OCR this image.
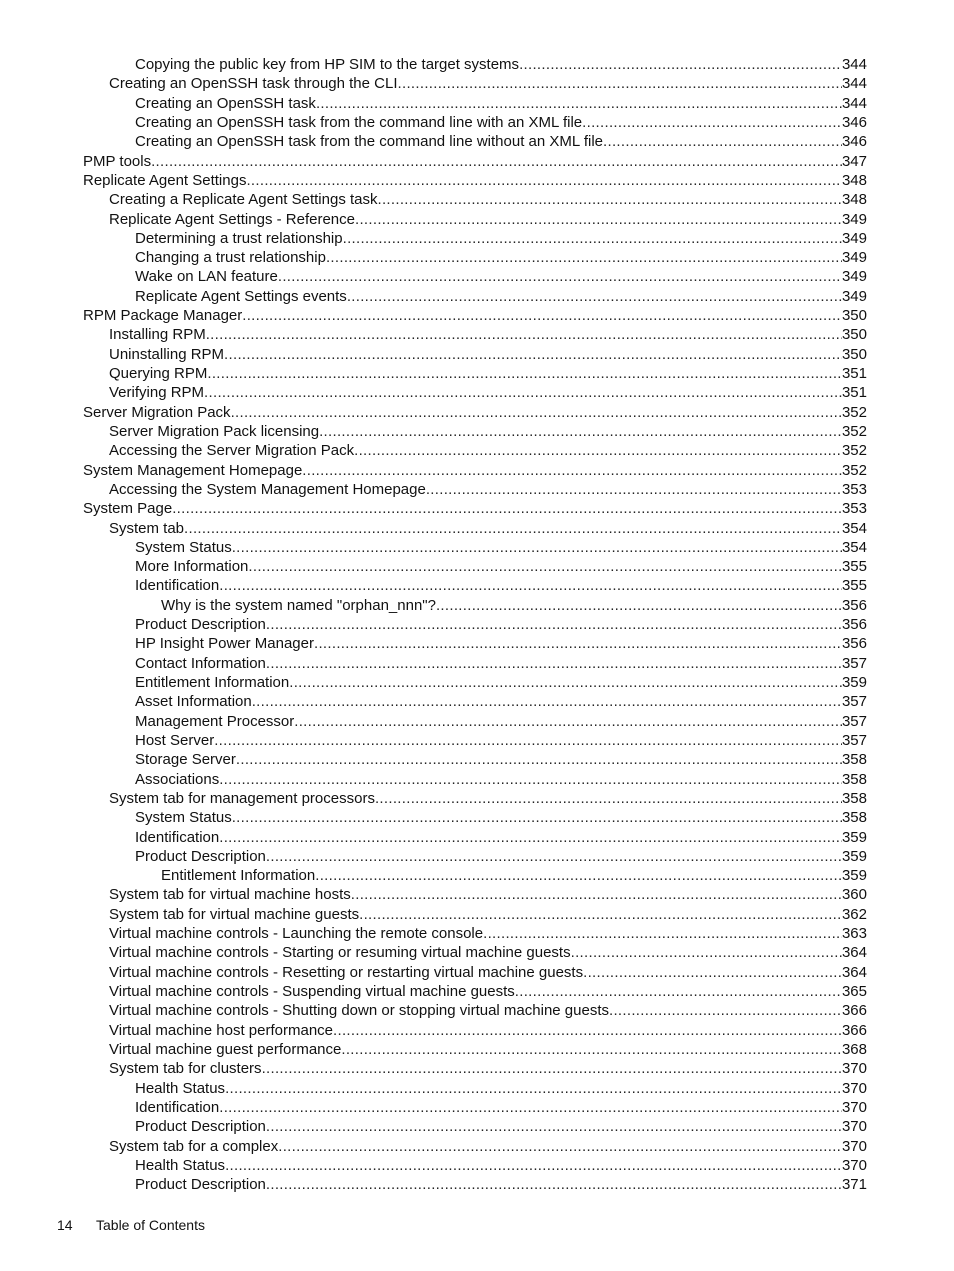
Copying the public key from HP SIM to the target systems .....	344
Creating an OpenSSH task through the CLI .....	344
Creating an OpenSSH task .....	344
Creating an OpenSSH task from the command line with an XML file .....	346
Creating an OpenSSH task from the command line without an XML file .....	346
PMP tools .....	347
Replicate Agent Settings .....	348
Creating a Replicate Agent Settings task .....	348
Replicate Agent Settings - Reference .....	349
Determining a trust relationship .....	349
Changing a trust relationship .....	349
Wake on LAN feature .....	349
Replicate Agent Settings events .....	349
RPM Package Manager .....	350
Installing RPM .....	350
Uninstalling RPM .....	350
Querying RPM .....	351
Verifying RPM .....	351
Server Migration Pack .....	352
Server Migration Pack licensing .....	352
Accessing the Server Migration Pack .....	352
System Management Homepage .....	352
Accessing the System Management Homepage .....	353
System Page .....	353
System tab .....	354
System Status .....	354
More Information .....	355
Identification .....	355
Why is the system named "orphan_nnn"? .....	356
Product Description .....	356
HP Insight Power Manager .....	356
Contact Information .....	357
Entitlement Information .....	359
Asset Information .....	357
Management Processor .....	357
Host Server .....	357
Storage Server .....	358
Associations .....	358
System tab for management processors .....	358
System Status .....	358
Identification .....	359
Product Description .....	359
Entitlement Information .....	359
System tab for virtual machine hosts .....	360
System tab for virtual machine guests .....	362
Virtual machine controls - Launching the remote console .....	363
Virtual machine controls - Starting or resuming virtual machine guests .....	364
Virtual machine controls - Resetting or restarting virtual machine guests .....	364
Virtual machine controls - Suspending virtual machine guests .....	365
Virtual machine controls - Shutting down or stopping virtual machine guests .....	366
Virtual machine host performance .....	366
Virtual machine guest performance .....	368
System tab for clusters .....	370
Health Status .....	370
Identification .....	370
Product Description .....	370
System tab for a complex .....	370
Health Status .....	370
Product Description .....	371
14 Table of Contents
